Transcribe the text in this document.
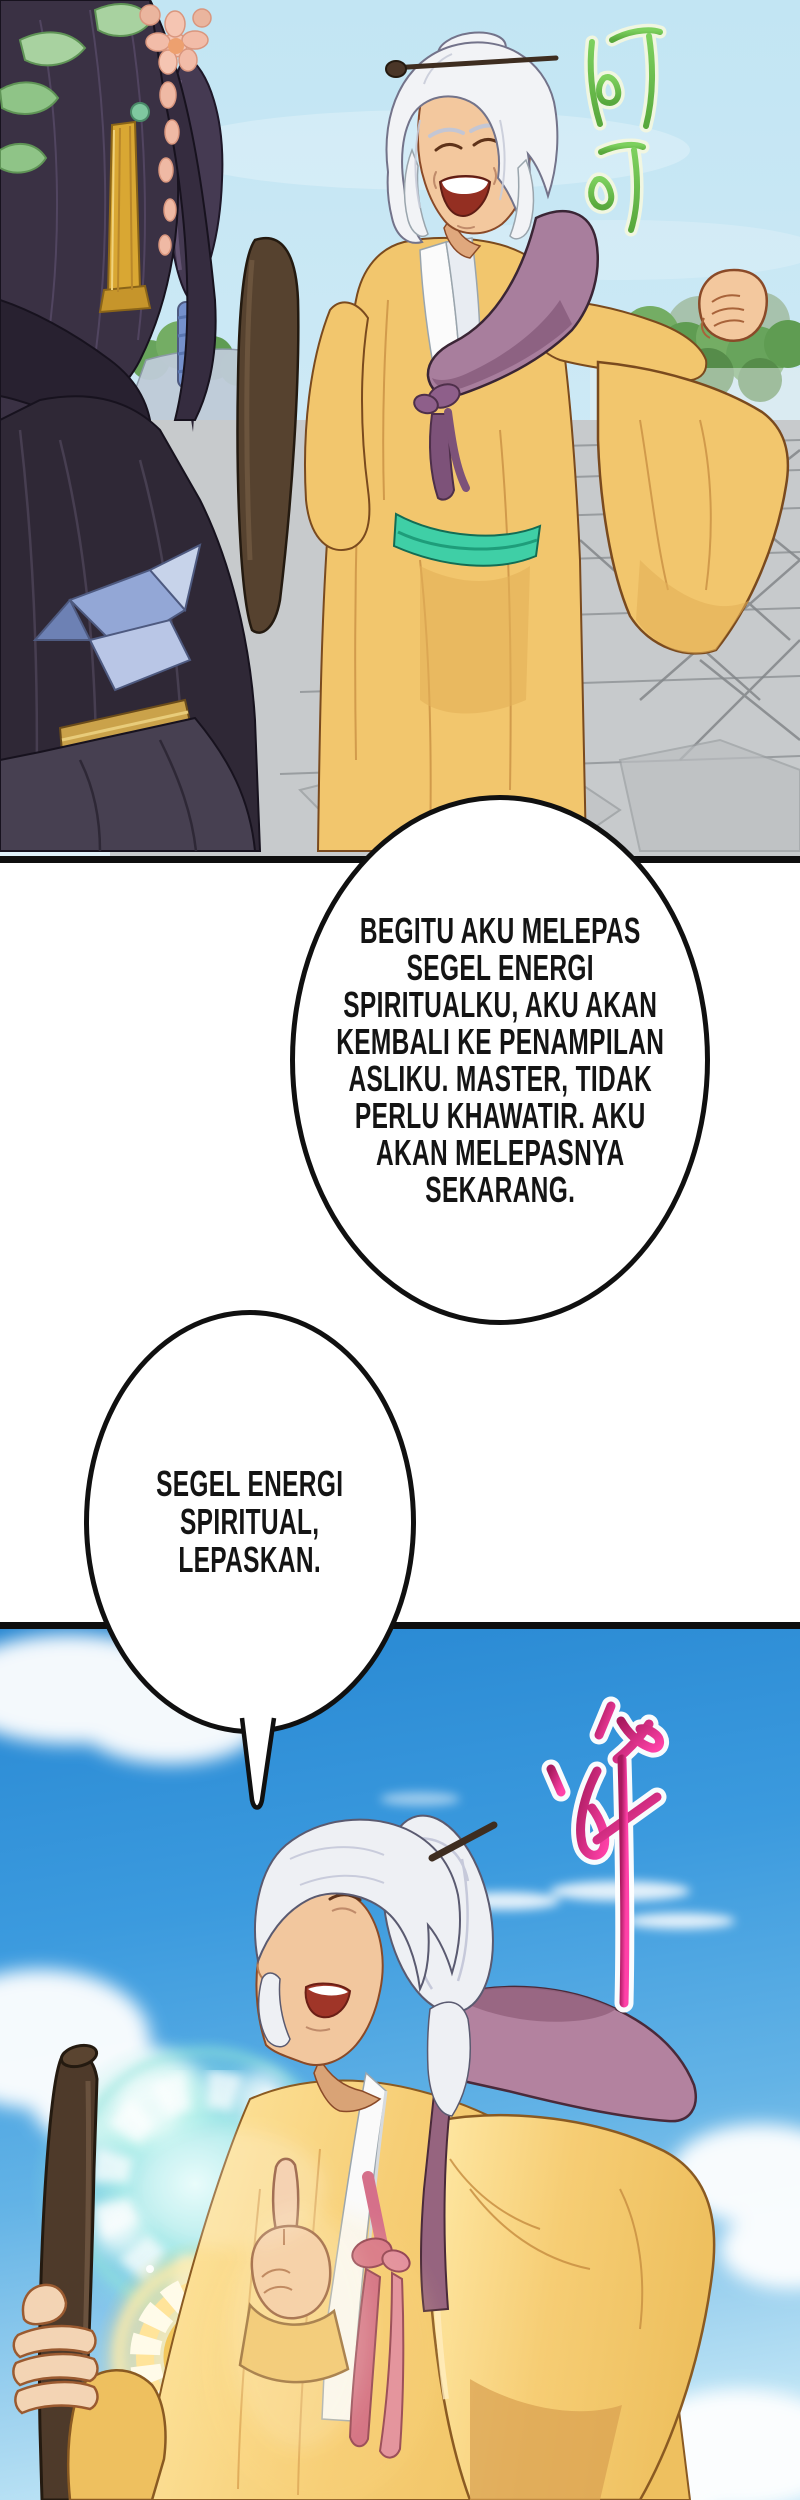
BEGITU AKU MELEPAS
SEGEL ENERGI
SPIRITUALKU, AKU AKAN
KEMBALI KE PENAMPILAN
ASLIKU. MASTER, TIDAK
PERLU KHAWATIR. AKU
AKAN MELEPASNYA
SEKARANG.
SEGEL ENERGI
SPIRITUAL,
LEPASKAN.
